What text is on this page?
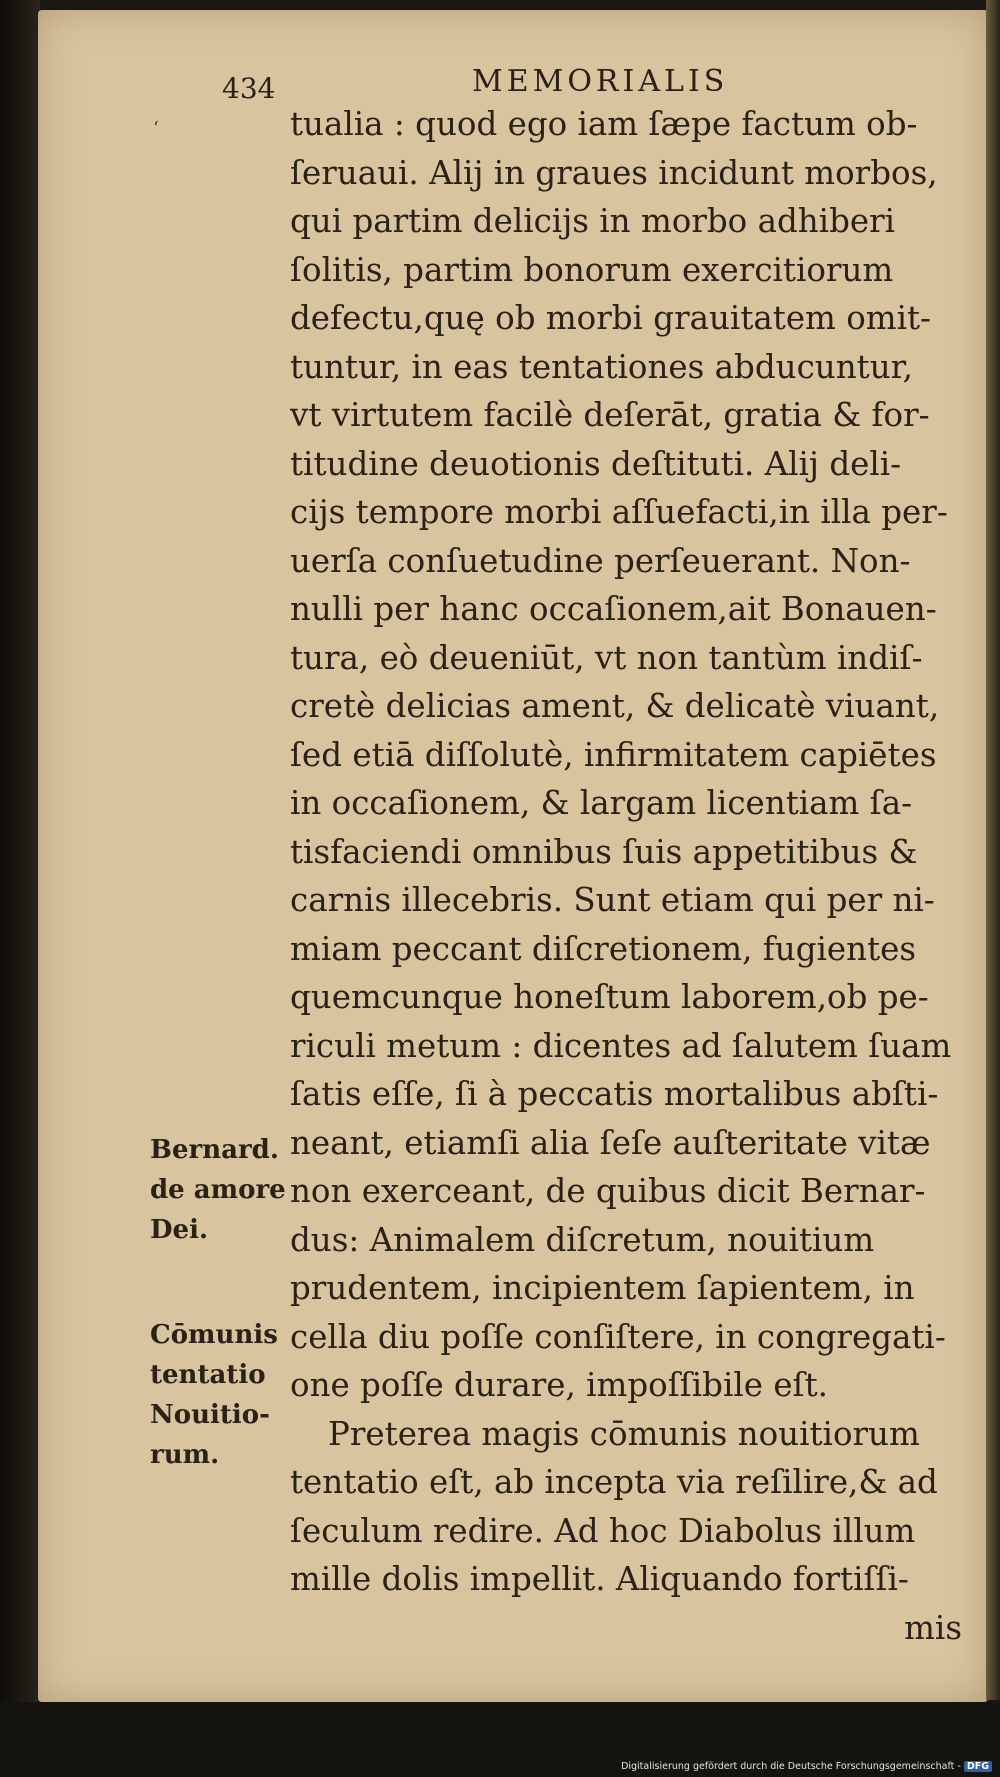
434	MEMORIALIS
‘	tualia : quod ego iam ſæpe factum ob-
ſeruaui. Alij in graues incidunt morbos,
qui partim delicijs in morbo adhiberi
ſolitis, partim bonorum exercitiorum
defectu,quę ob morbi grauitatem omit-
tuntur, in eas tentationes abducuntur,
vt virtutem facilè deſerāt, gratia & for-
titudine deuotionis deſtituti. Alij deli-
cijs tempore morbi aſſuefacti,in illa per-
uerſa conſuetudine perſeuerant. Non-
nulli per hanc occaſionem,ait Bonauen-
tura, eò deueniūt, vt non tantùm indiſ-
cretè delicias ament, & delicatè viuant,
ſed etiā diſſolutè, infirmitatem capiētes
in occaſionem, & largam licentiam ſa-
tisfaciendi omnibus ſuis appetitibus &
carnis illecebris. Sunt etiam qui per ni-
miam peccant diſcretionem, fugientes
quemcunque honeſtum laborem,ob pe-
riculi metum : dicentes ad ſalutem ſuam
ſatis eſſe, ſi à peccatis mortalibus abſti-
neant, etiamſi alia ſeſe auſteritate vitæ
non exerceant, de quibus dicit Bernar-
dus: Animalem diſcretum, nouitium
prudentem, incipientem ſapientem, in
cella diu poſſe conſiſtere, in congregati-
one poſſe durare, impoſſibile eſt.
Preterea magis cōmunis nouitiorum
tentatio eſt, ab incepta via reſilire,& ad
ſeculum redire. Ad hoc Diabolus illum
mille dolis impellit. Aliquando fortiſſi-
mis
Bernard.
de amore
Dei.
Cōmunis
tentatio
Nouitio-
rum.
Digitalisierung gefördert durch die Deutsche Forschungsgemeinschaft - DFG
